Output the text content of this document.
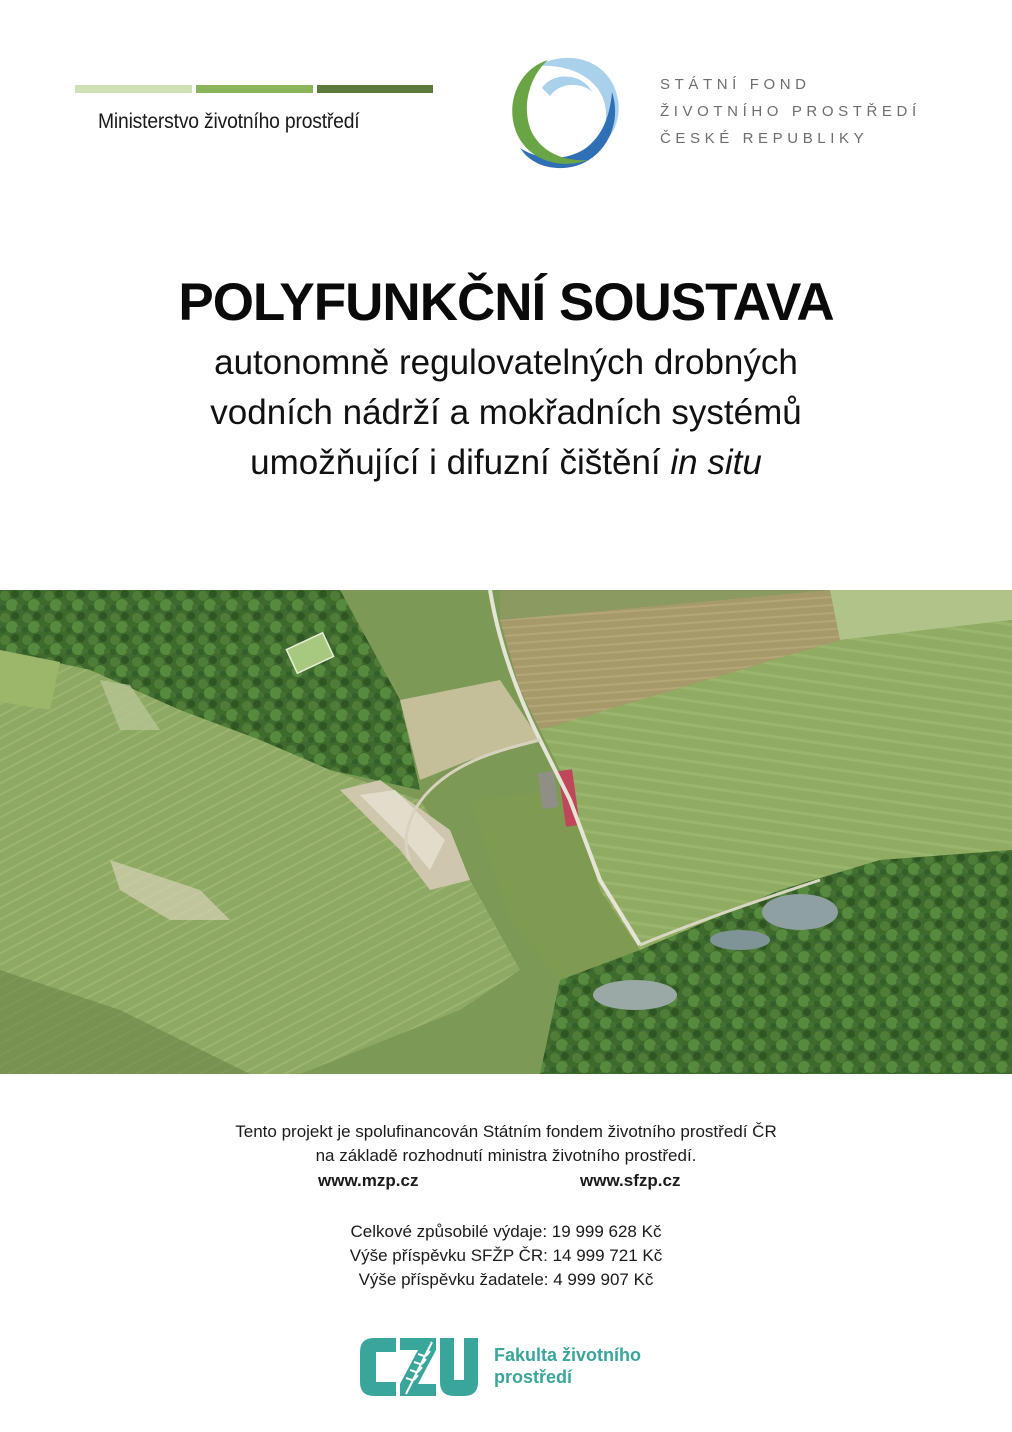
Ministerstvo životního prostředí
STÁTNÍ FOND
ŽIVOTNÍHO PROSTŘEDÍ
ČESKÉ REPUBLIKY
POLYFUNKČNÍ SOUSTAVA
autonomně regulovatelných drobných
vodních nádrží a mokřadních systémů
umožňující i difuzní čištění in situ
Tento projekt je spolufinancován Státním fondem životního prostředí ČR
na základě rozhodnutí ministra životního prostředí.
www.mzp.cz	www.sfzp.cz
Celkové způsobilé výdaje: 19 999 628 Kč
Výše příspěvku SFŽP ČR: 14 999 721 Kč
Výše příspěvku žadatele: 4 999 907 Kč
Fakulta životního
prostředí
